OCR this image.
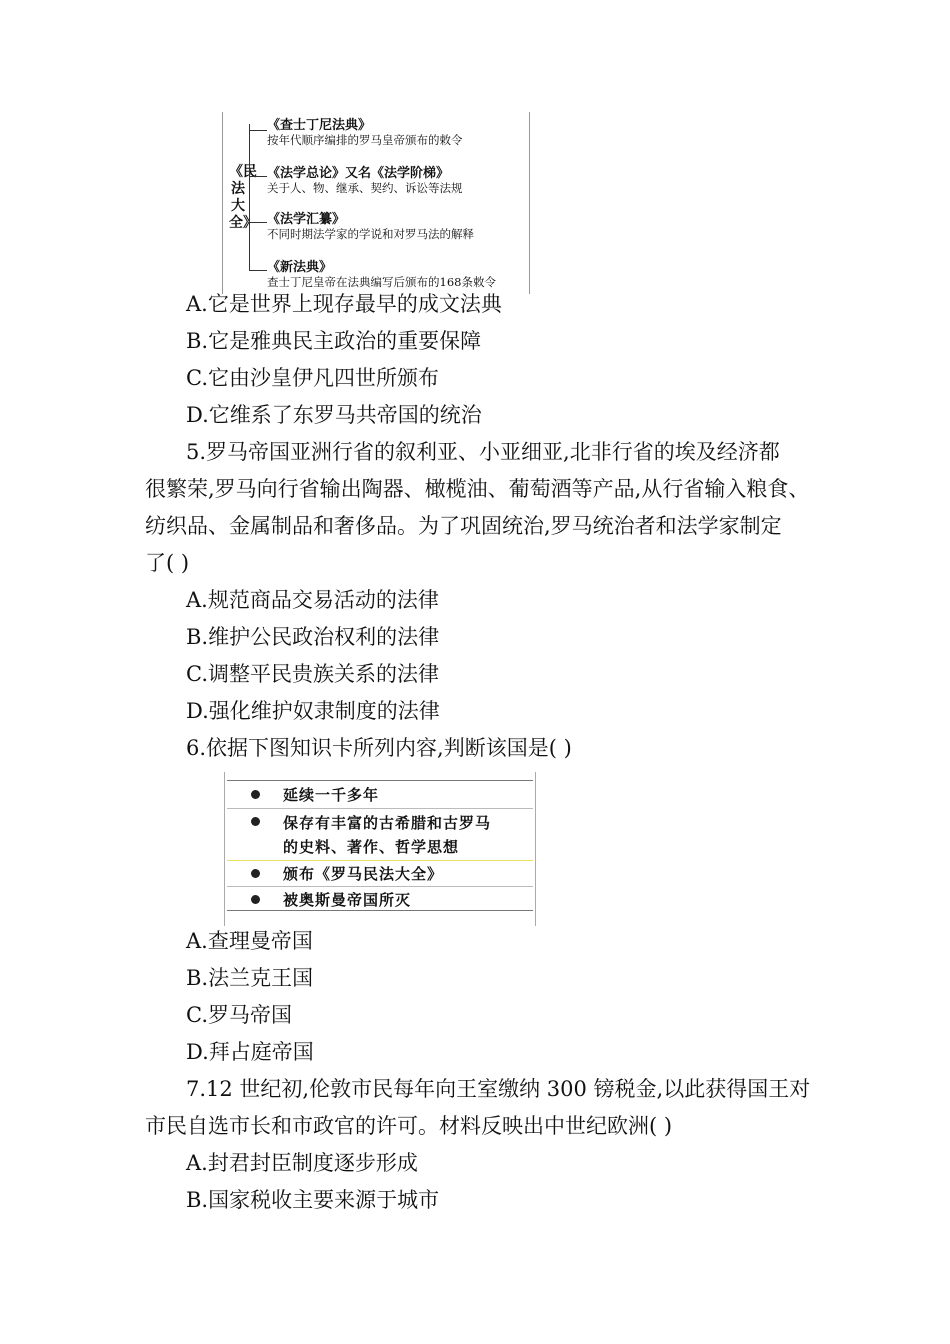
《民法大全》
《查士丁尼法典》
按年代顺序编排的罗马皇帝颁布的敕令
《法学总论》又名《法学阶梯》
关于人、物、继承、契约、诉讼等法规
《法学汇纂》
不同时期法学家的学说和对罗马法的解释
《新法典》
查士丁尼皇帝在法典编写后颁布的168条敕令
A.它是世界上现存最早的成文法典
B.它是雅典民主政治的重要保障
C.它由沙皇伊凡四世所颁布
D.它维系了东罗马共帝国的统治
5.罗马帝国亚洲行省的叙利亚、小亚细亚,北非行省的埃及经济都
很繁荣,罗马向行省输出陶器、橄榄油、葡萄酒等产品,从行省输入粮食、
纺织品、金属制品和奢侈品。为了巩固统治,罗马统治者和法学家制定
了( )
A.规范商品交易活动的法律
B.维护公民政治权利的法律
C.调整平民贵族关系的法律
D.强化维护奴隶制度的法律
6.依据下图知识卡所列内容,判断该国是( )
延续一千多年
保存有丰富的古希腊和古罗马
的史料、著作、哲学思想
颁布《罗马民法大全》
被奥斯曼帝国所灭
A.查理曼帝国
B.法兰克王国
C.罗马帝国
D.拜占庭帝国
7.12 世纪初,伦敦市民每年向王室缴纳 300 镑税金,以此获得国王对
市民自选市长和市政官的许可。材料反映出中世纪欧洲( )
A.封君封臣制度逐步形成
B.国家税收主要来源于城市
